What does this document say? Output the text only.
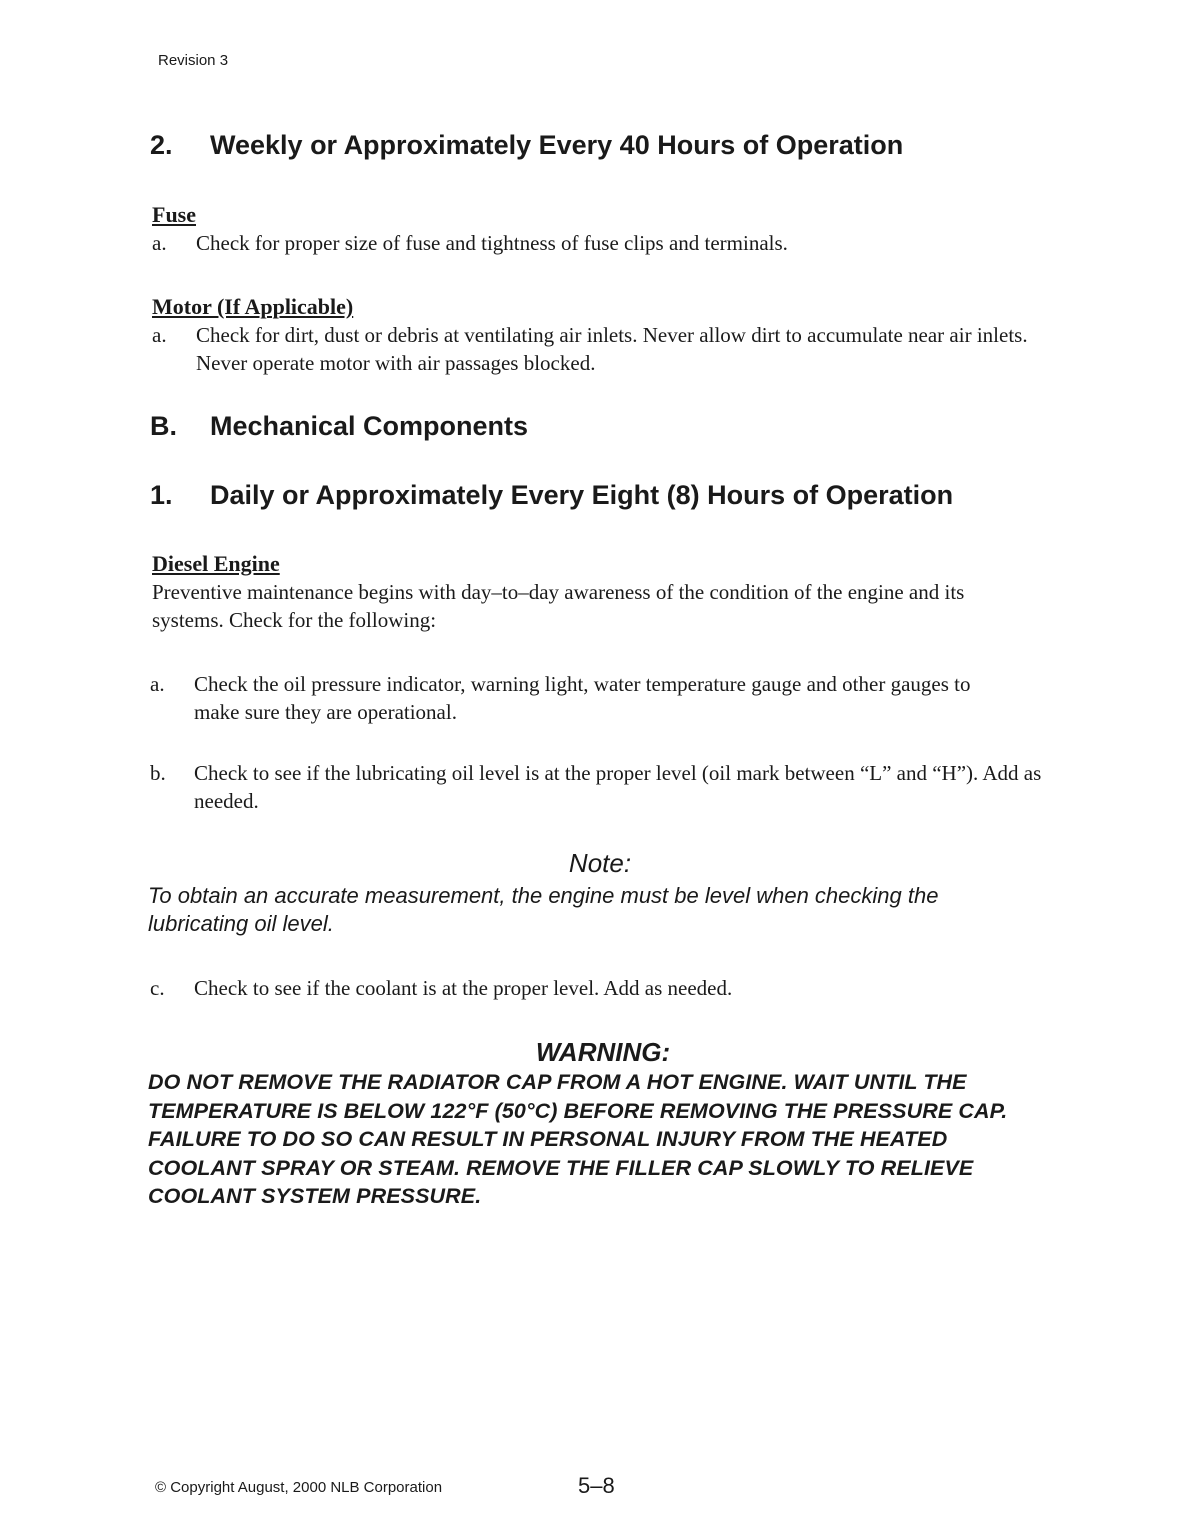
Revision 3
2. Weekly or Approximately Every 40 Hours of Operation
Fuse
a.	Check for proper size of fuse and tightness of fuse clips and terminals.
Motor (If Applicable)
a.	Check for dirt, dust or debris at ventilating air inlets. Never allow dirt to accumulate near air inlets. Never operate motor with air passages blocked.
B. Mechanical Components
1. Daily or Approximately Every Eight (8) Hours of Operation
Diesel Engine
Preventive maintenance begins with day–to–day awareness of the condition of the engine and its systems. Check for the following:
a.	Check the oil pressure indicator, warning light, water temperature gauge and other gauges to make sure they are operational.
b.	Check to see if the lubricating oil level is at the proper level (oil mark between “L” and “H”). Add as needed.
Note:
To obtain an accurate measurement, the engine must be level when checking the lubricating oil level.
c.	Check to see if the coolant is at the proper level. Add as needed.
WARNING:
DO NOT REMOVE THE RADIATOR CAP FROM A HOT ENGINE. WAIT UNTIL THE TEMPERATURE IS BELOW 122°F (50°C) BEFORE REMOVING THE PRESSURE CAP. FAILURE TO DO SO CAN RESULT IN PERSONAL INJURY FROM THE HEATED COOLANT SPRAY OR STEAM. REMOVE THE FILLER CAP SLOWLY TO RELIEVE COOLANT SYSTEM PRESSURE.
© Copyright August, 2000 NLB Corporation	5–8
